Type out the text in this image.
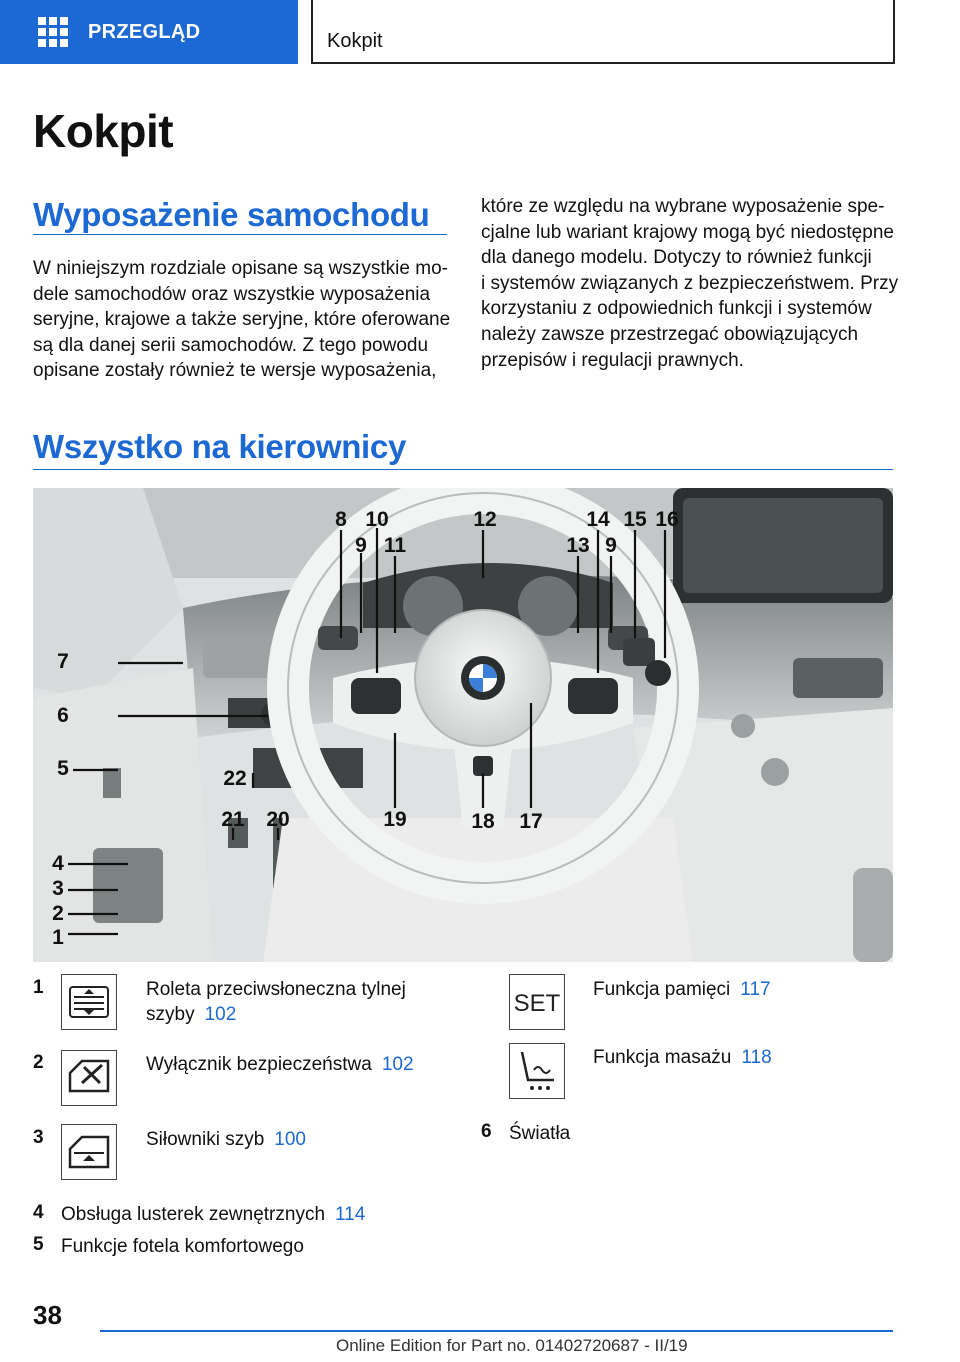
PRZEGLĄD	Kokpit
Kokpit
Wyposażenie samochodu
W niniejszym rozdziale opisane są wszystkie mo‐
dele samochodów oraz wszystkie wyposażenia
seryjne, krajowe a także seryjne, które oferowane
są dla danej serii samochodów. Z tego powodu
opisane zostały również te wersje wyposażenia,
które ze względu na wybrane wyposażenie spe‐
cjalne lub wariant krajowy mogą być niedostępne
dla danego modelu. Dotyczy to również funkcji
i systemów związanych z bezpieczeństwem. Przy
korzystaniu z odpowiednich funkcji i systemów
należy zawsze przestrzegać obowiązujących
przepisów i regulacji prawnych.
Wszystko na kierownicy
7
6
5
4
3
2
1
8 10
9 11
12
13
14
9
15 16
17
18
19
20
21
22
1	Roleta przeciwsłoneczna tylnej
szyby 102
2	Wyłącznik bezpieczeństwa 102
3	Siłowniki szyb 100
4 Obsługa lusterek zewnętrznych 114
5 Funkcje fotela komfortowego
SET
Funkcja pamięci 117
Funkcja masażu 118
6 Światła
38
Online Edition for Part no. 01402720687 - II/19
